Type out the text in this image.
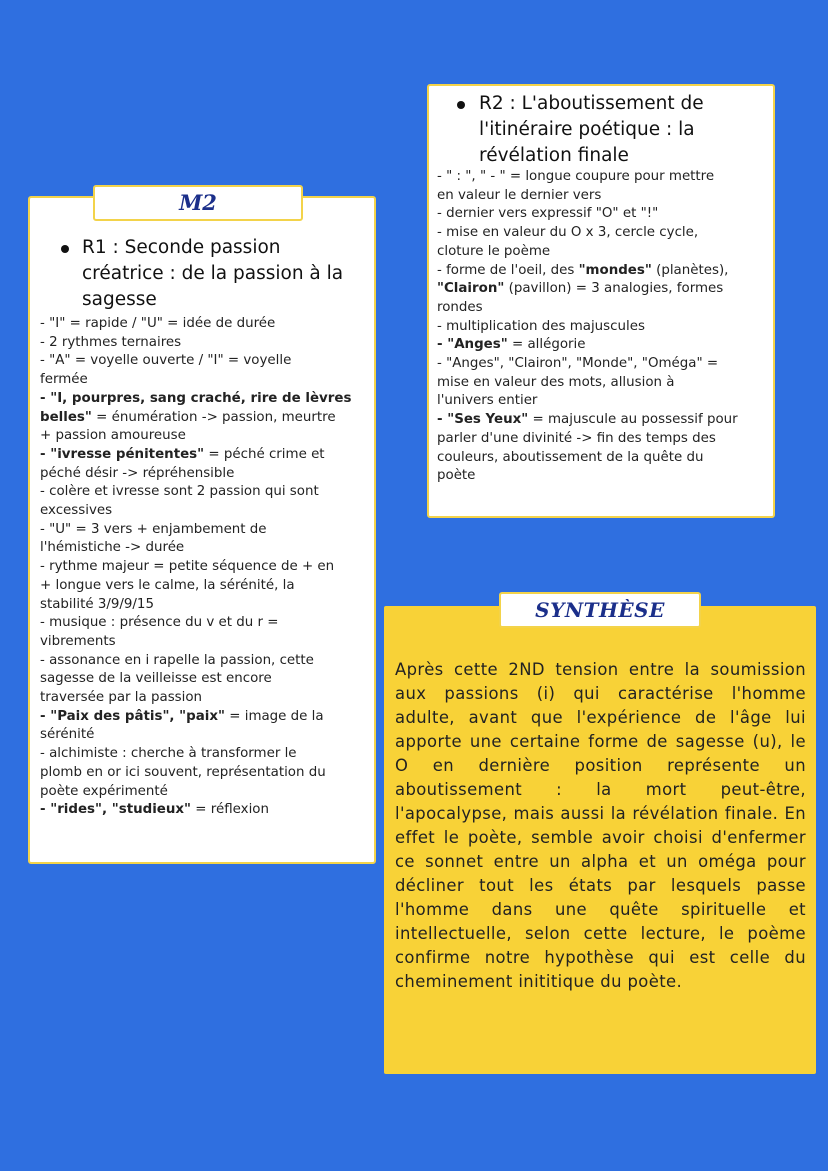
R2 : L'aboutissement de
l'itinéraire poétique : la
révélation finale

- " : ", " - " = longue coupure pour mettre
en valeur le dernier vers
- dernier vers expressif "O" et "!"
- mise en valeur du O x 3, cercle cycle,
cloture le poème
- forme de l'oeil, des "mondes" (planètes),
"Clairon" (pavillon) = 3 analogies, formes
rondes
- multiplication des majuscules
- "Anges" = allégorie
- "Anges", "Clairon", "Monde", "Oméga" =
mise en valeur des mots, allusion à
l'univers entier
- "Ses Yeux" = majuscule au possessif pour
parler d'une divinité -> fin des temps des
couleurs, aboutissement de la quête du
poète

R1 : Seconde passion
créatrice : de la passion à la
sagesse

- "I" = rapide / "U" = idée de durée
- 2 rythmes ternaires
- "A" = voyelle ouverte / "I" = voyelle
fermée
- "I, pourpres, sang craché, rire de lèvres
belles" = énumération -> passion, meurtre
+ passion amoureuse
- "ivresse pénitentes" = péché crime et
péché désir -> répréhensible
- colère et ivresse sont 2 passion qui sont
excessives
- "U" = 3 vers + enjambement de
l'hémistiche -> durée
- rythme majeur = petite séquence de + en
+ longue vers le calme, la sérénité, la
stabilité 3/9/9/15
- musique : présence du v et du r =
vibrements
- assonance en i rapelle la passion, cette
sagesse de la veilleisse est encore
traversée par la passion
- "Paix des pâtis", "paix" = image de la
sérénité
- alchimiste : cherche à transformer le
plomb en or ici souvent, représentation du
poète expérimenté
- "rides", "studieux" = réflexion
M2

Après cette 2ND tension entre la soumission aux passions (i) qui caractérise l'homme adulte, avant que l'expérience de l'âge lui apporte une certaine forme de sagesse (u), le O en dernière position représente un aboutissement : la mort peut-être, l'apocalypse, mais aussi la révélation finale. En effet le poète, semble avoir choisi d'enfermer ce sonnet entre un alpha et un oméga pour décliner tout les états par lesquels passe l'homme dans une quête spirituelle et intellectuelle, selon cette lecture, le poème confirme notre hypothèse qui est celle du cheminement inititique du poète.

SYNTHÈSE
